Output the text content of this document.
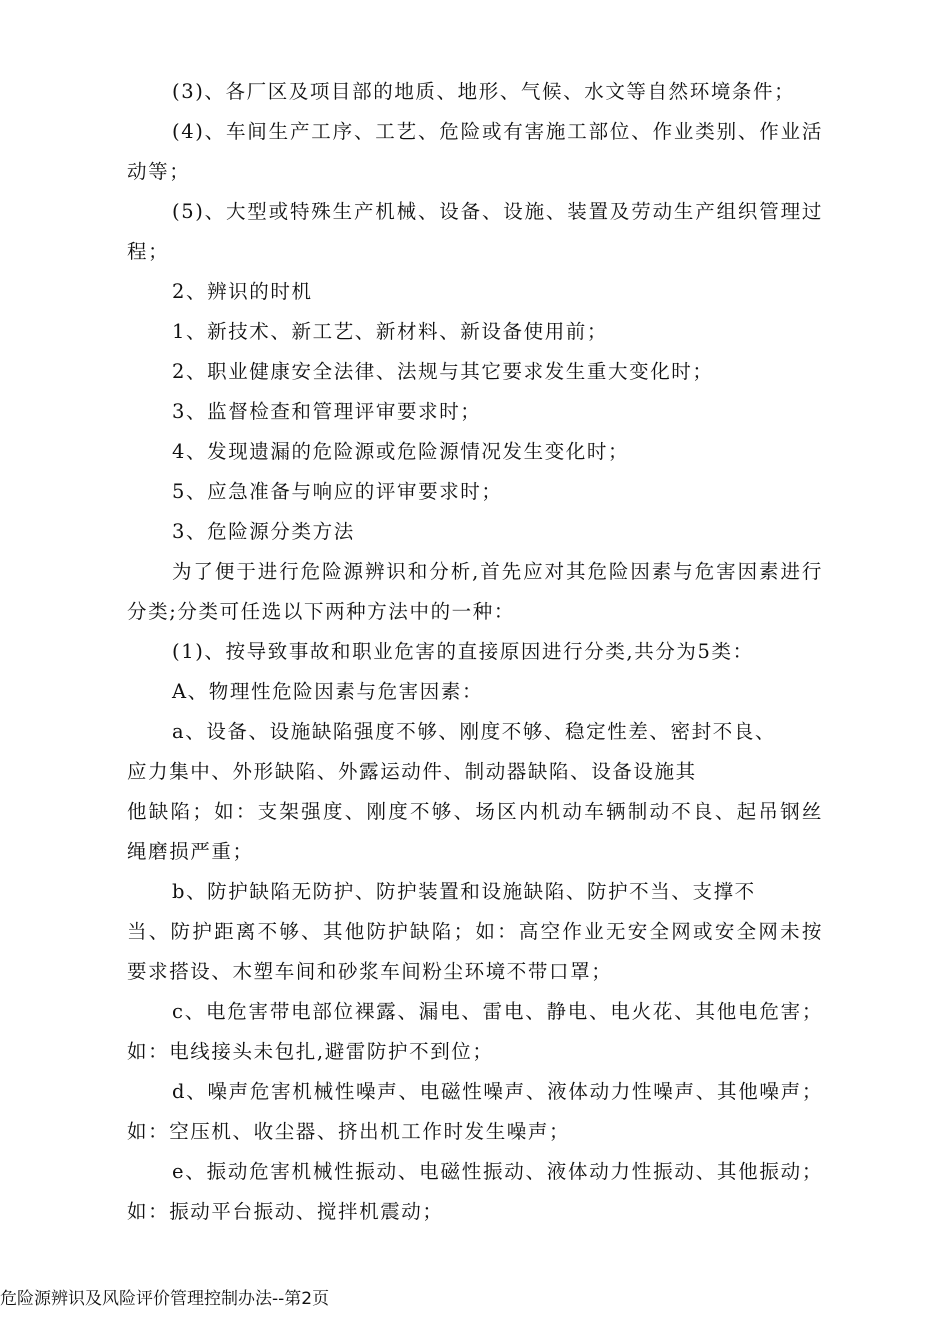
(3)、各厂区及项目部的地质、地形、气候、水文等自然环境条件；

(4)、车间生产工序、工艺、危险或有害施工部位、作业类别、作业活动等；

(5)、大型或特殊生产机械、设备、设施、装置及劳动生产组织管理过程；

2、辨识的时机

1、新技术、新工艺、新材料、新设备使用前；

2、职业健康安全法律、法规与其它要求发生重大变化时；

3、监督检查和管理评审要求时；

4、发现遗漏的危险源或危险源情况发生变化时；

5、应急准备与响应的评审要求时；

3、危险源分类方法

为了便于进行危险源辨识和分析,首先应对其危险因素与危害因素进行分类;分类可任选以下两种方法中的一种：

(1)、按导致事故和职业危害的直接原因进行分类,共分为5类：

A、物理性危险因素与危害因素：

a、设备、设施缺陷强度不够、刚度不够、稳定性差、密封不良、
应力集中、外形缺陷、外露运动件、制动器缺陷、设备设施其

他缺陷；如：支架强度、刚度不够、场区内机动车辆制动不良、起吊钢丝绳磨损严重；

b、防护缺陷无防护、防护装置和设施缺陷、防护不当、支撑不

当、防护距离不够、其他防护缺陷；如：高空作业无安全网或安全网未按要求搭设、木塑车间和砂浆车间粉尘环境不带口罩；

c、电危害带电部位裸露、漏电、雷电、静电、电火花、其他电危害；如：电线接头未包扎,避雷防护不到位；

d、噪声危害机械性噪声、电磁性噪声、液体动力性噪声、其他噪声；如：空压机、收尘器、挤出机工作时发生噪声；

e、振动危害机械性振动、电磁性振动、液体动力性振动、其他振动；如：振动平台振动、搅拌机震动；

危险源辨识及风险评价管理控制办法--第2页
